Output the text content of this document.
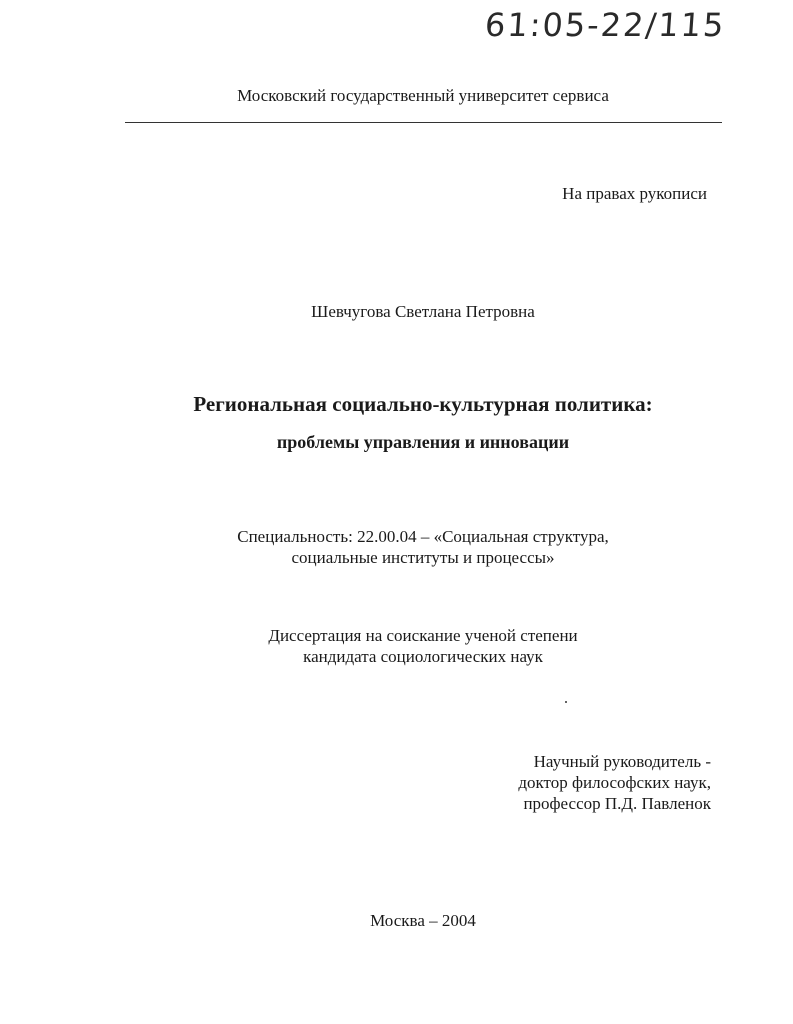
61:05-22/115
Московский государственный университет сервиса
На правах рукописи
Шевчугова Светлана Петровна
Региональная социально-культурная политика:
проблемы управления и инновации
Специальность: 22.00.04 – «Социальная структура,
социальные институты и процессы»
Диссертация на соискание ученой степени
кандидата социологических наук
Научный руководитель -
доктор философских наук,
профессор П.Д. Павленок
Москва – 2004
